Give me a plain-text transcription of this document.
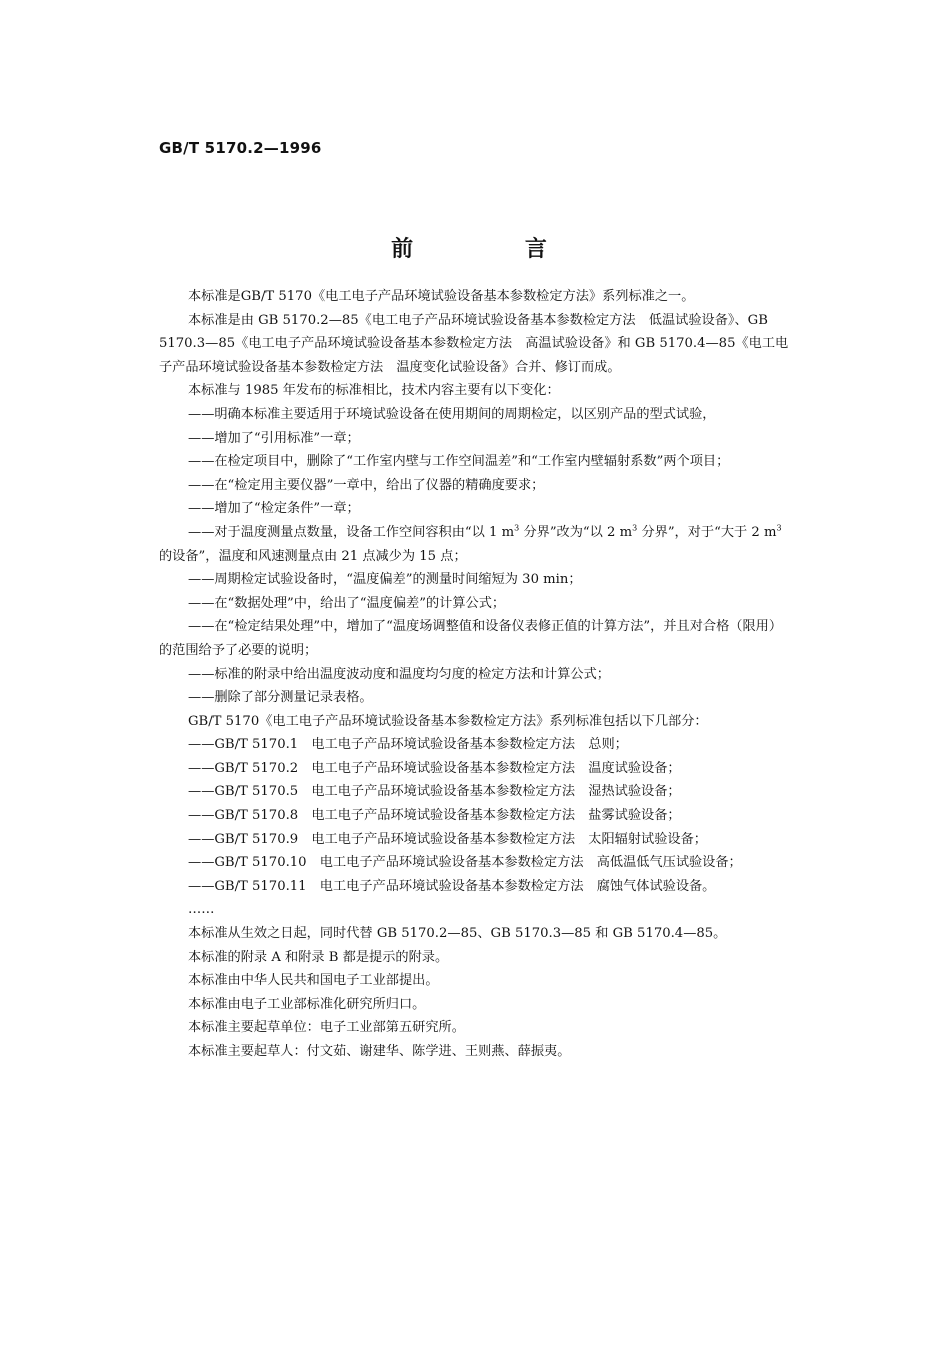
GB/T 5170.2—1996
前 言

本标准是GB/T 5170《电工电子产品环境试验设备基本参数检定方法》系列标准之一。

本标准是由 GB 5170.2—85《电工电子产品环境试验设备基本参数检定方法　低温试验设备》、GB 5170.3—85《电工电子产品环境试验设备基本参数检定方法　高温试验设备》和 GB 5170.4—85《电工电子产品环境试验设备基本参数检定方法　温度变化试验设备》合并、修订而成。

本标准与 1985 年发布的标准相比，技术内容主要有以下变化：

——明确本标准主要适用于环境试验设备在使用期间的周期检定，以区别产品的型式试验，

——增加了“引用标准”一章；

——在检定项目中，删除了“工作室内壁与工作空间温差”和“工作室内壁辐射系数”两个项目；

——在“检定用主要仪器”一章中，给出了仪器的精确度要求；

——增加了“检定条件”一章；

——对于温度测量点数量，设备工作空间容积由“以 1 $m^3$ 分界”改为“以 2 $m^3$ 分界”，对于“大于 2 $m^3$的设备”，温度和风速测量点由 21 点减少为 15 点；

——周期检定试验设备时，“温度偏差”的测量时间缩短为 30 min；

——在“数据处理”中，给出了“温度偏差”的计算公式；

——在“检定结果处理”中，增加了“温度场调整值和设备仪表修正值的计算方法”，并且对合格（限用）的范围给予了必要的说明；

——标准的附录中给出温度波动度和温度均匀度的检定方法和计算公式；

——删除了部分测量记录表格。

GB/T 5170《电工电子产品环境试验设备基本参数检定方法》系列标准包括以下几部分：

——GB/T 5170.1　电工电子产品环境试验设备基本参数检定方法　总则；

——GB/T 5170.2　电工电子产品环境试验设备基本参数检定方法　温度试验设备；

——GB/T 5170.5　电工电子产品环境试验设备基本参数检定方法　湿热试验设备；

——GB/T 5170.8　电工电子产品环境试验设备基本参数检定方法　盐雾试验设备；

——GB/T 5170.9　电工电子产品环境试验设备基本参数检定方法　太阳辐射试验设备；

——GB/T 5170.10　电工电子产品环境试验设备基本参数检定方法　高低温低气压试验设备；

——GB/T 5170.11　电工电子产品环境试验设备基本参数检定方法　腐蚀气体试验设备。

……

本标准从生效之日起，同时代替 GB 5170.2—85、GB 5170.3—85 和 GB 5170.4—85。

本标准的附录 A 和附录 B 都是提示的附录。

本标准由中华人民共和国电子工业部提出。

本标准由电子工业部标准化研究所归口。

本标准主要起草单位：电子工业部第五研究所。

本标准主要起草人：付文茹、谢建华、陈学进、王则燕、薛振夷。
